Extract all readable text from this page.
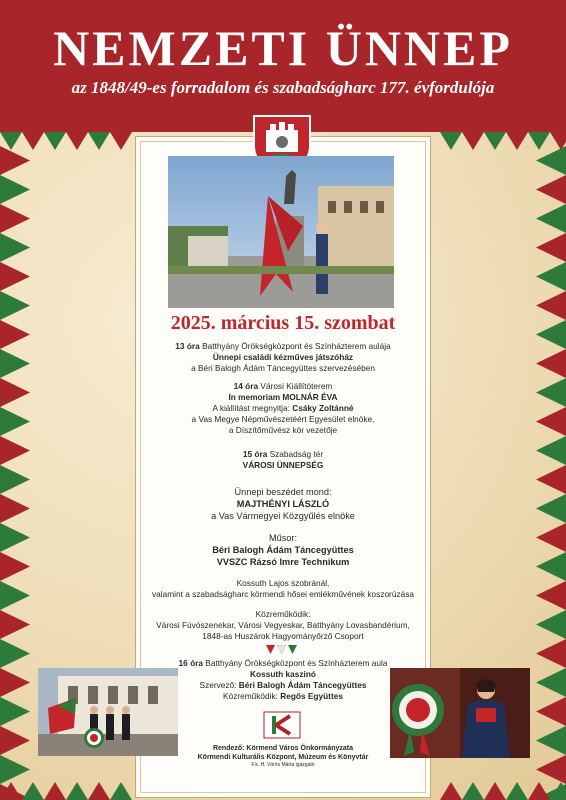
NEMZETI ÜNNEP
az 1848/49-es forradalom és szabadságharc 177. évfordulója
2025. március 15. szombat
13 óra Batthyány Örökségközpont és Színházterem aulája
Ünnepi családi kézműves játszóház
a Béri Balogh Ádám Táncegyüttes szervezésében
14 óra Városi Kiállítóterem
In memoriam MOLNÁR ÉVA
A kiállítást megnyitja: Csáky Zoltánné
a Vas Megye Népművészetéért Egyesület elnöke,
a Díszítőművész kör vezetője
15 óra Szabadság tér
VÁROSI ÜNNEPSÉG
Ünnepi beszédet mond:
MAJTHÉNYI LÁSZLÓ
a Vas Vármegyei Közgyűlés elnöke
Műsor:
Béri Balogh Ádám Táncegyüttes
VVSZC Rázsó Imre Technikum
Kossuth Lajos szobránál,
valamint a szabadságharc körmendi hősei emlékművének koszorúzása
Közreműködik:
Városi Fúvószenekar, Városi Vegyeskar, Batthyány Lovasbandérium,
1848-as Huszárok Hagyományőrző Csoport
16 óra Batthyány Örökségközpont és Színházterem aula
Kossuth kaszinó
Szervező: Béri Balogh Ádám Táncegyüttes
Közreműködik: Regős Együttes
Rendező: Körmend Város Önkormányzata
Körmendi Kulturális Központ, Múzeum és Könyvtár
F.k. H. Vörös Márta igazgató
